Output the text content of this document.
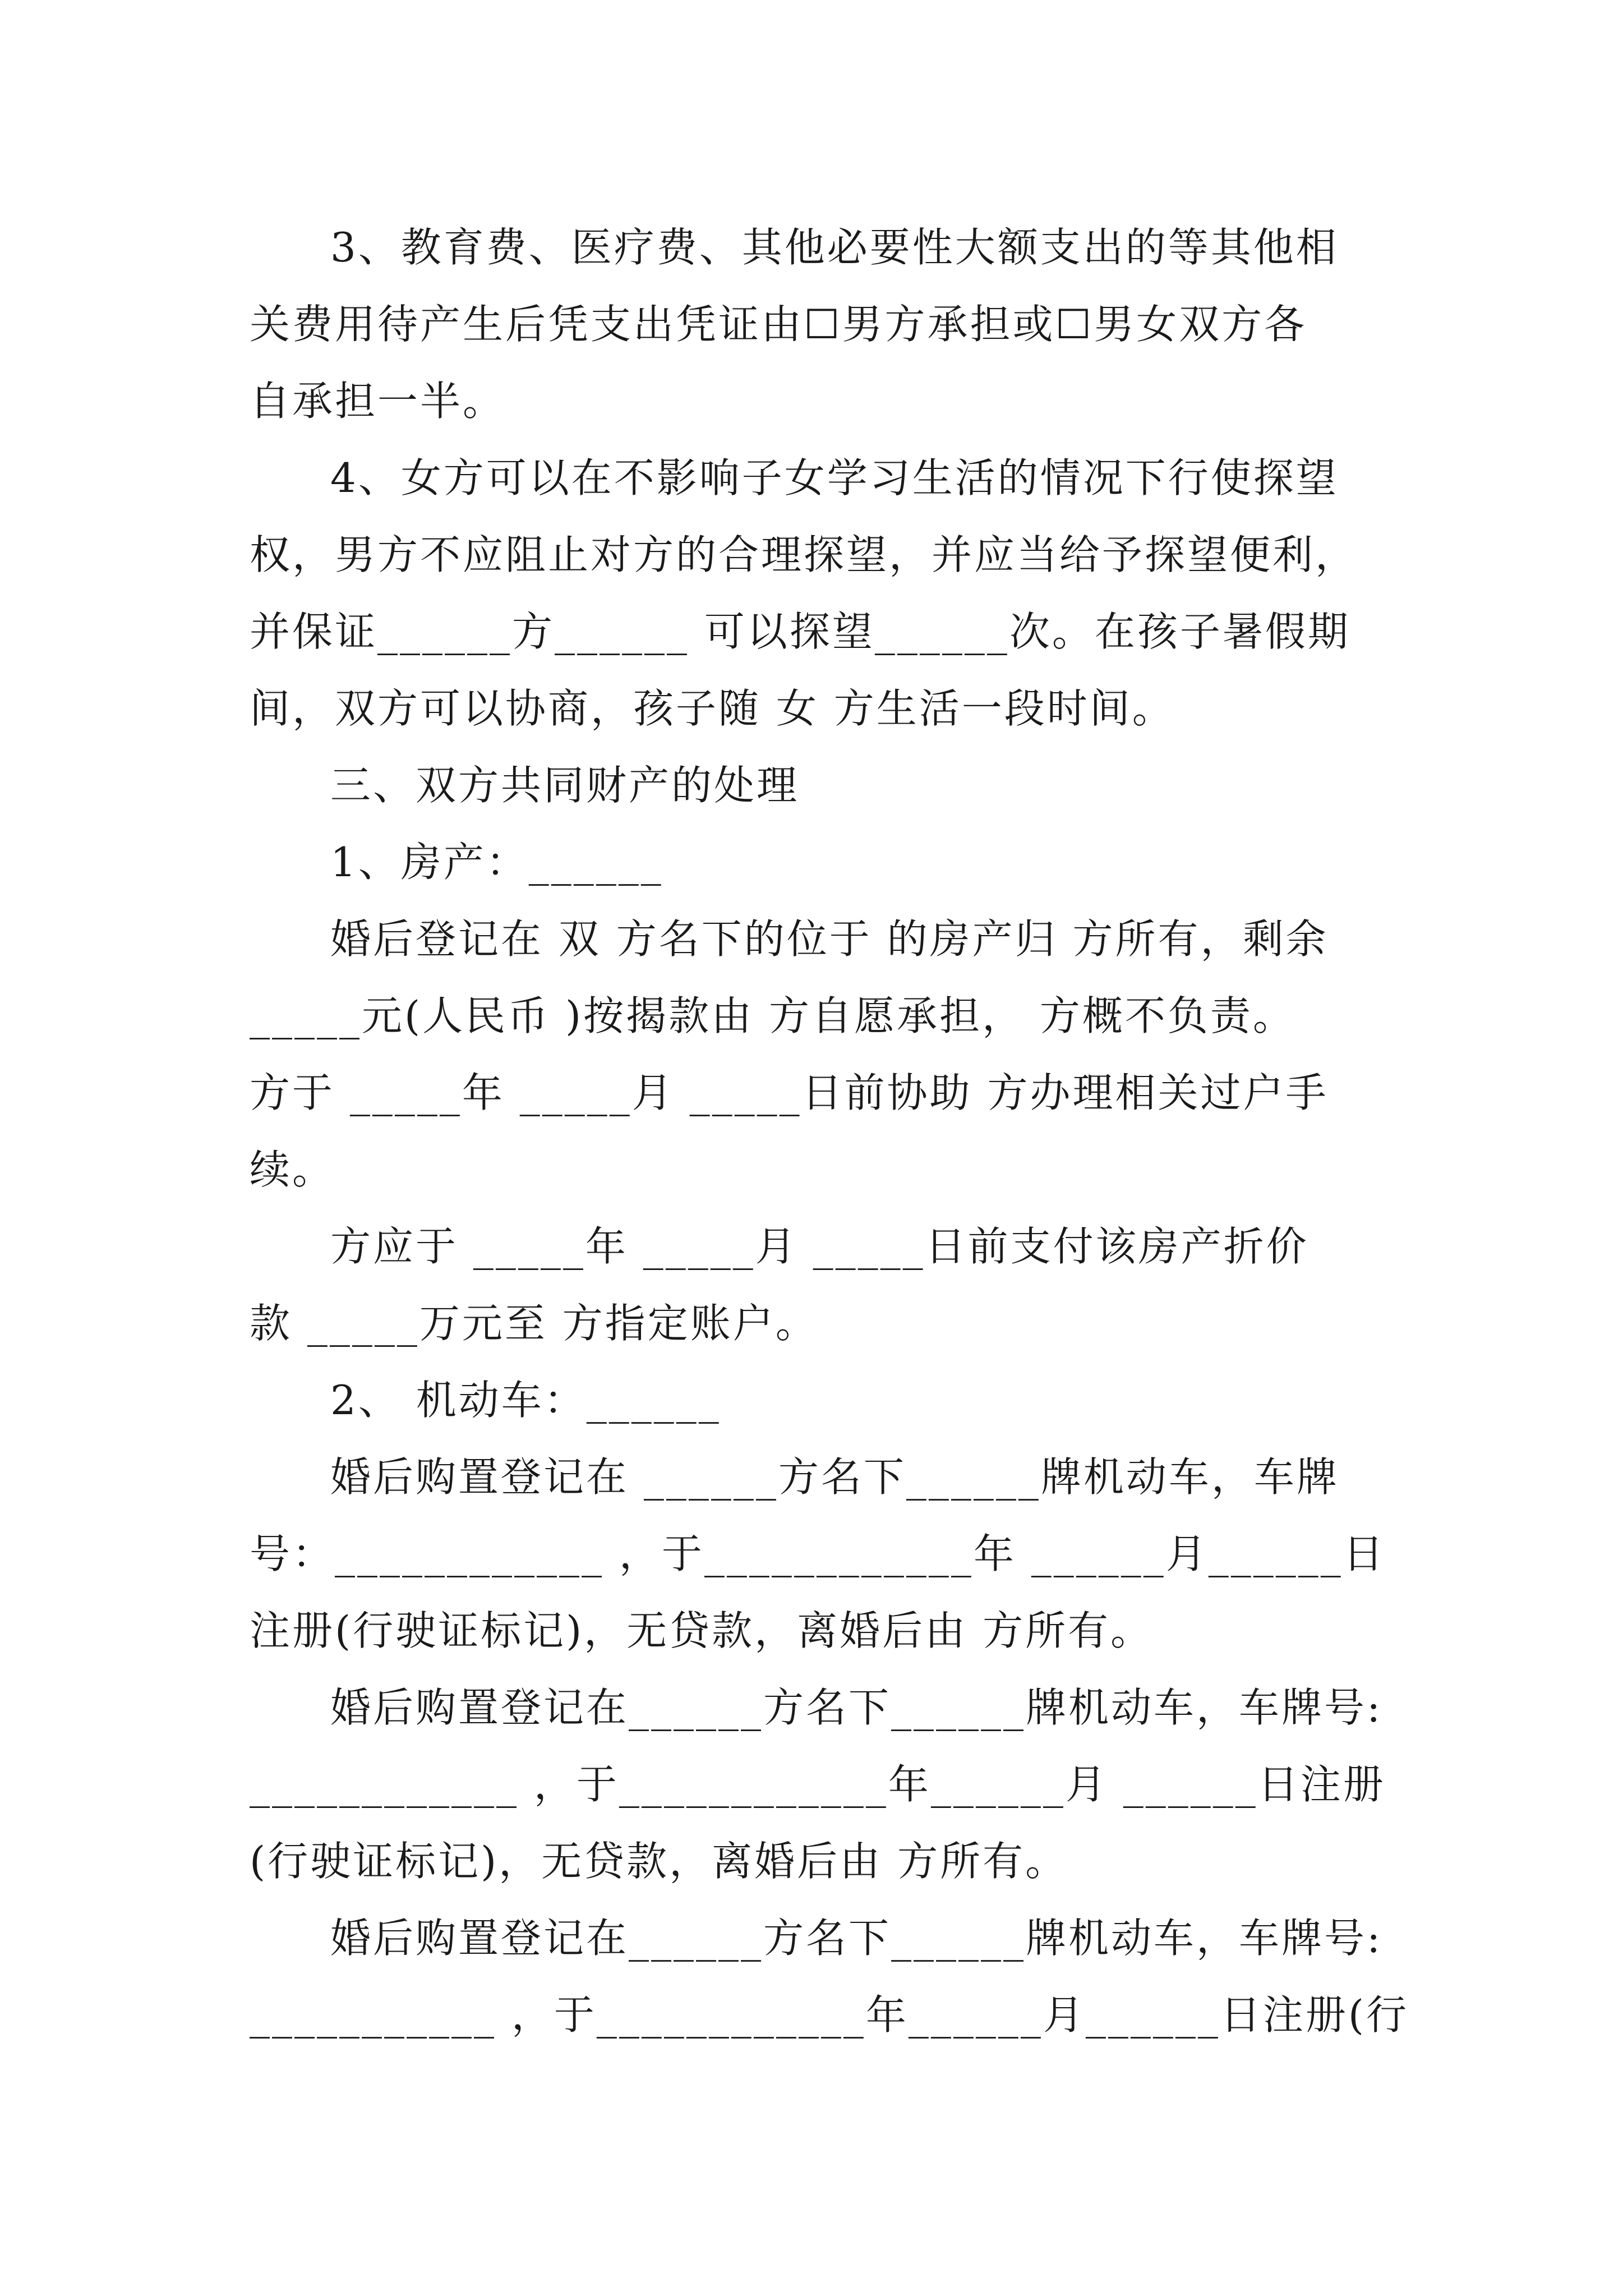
3、教育费、医疗费、其他必要性大额支出的等其他相
关费用待产生后凭支出凭证由☐男方承担或☐男女双方各
自承担一半。
4、女方可以在不影响子女学习生活的情况下行使探望
权，男方不应阻止对方的合理探望，并应当给予探望便利，
并保证______方______ 可以探望______次。在孩子暑假期
间，双方可以协商，孩子随 女 方生活一段时间。
三、双方共同财产的处理
1、房产：______
婚后登记在 双 方名下的位于 的房产归 方所有，剩余
_____元(人民币 )按揭款由 方自愿承担， 方概不负责。
方于 _____年 _____月 _____日前协助 方办理相关过户手
续。
方应于 _____年 _____月 _____日前支付该房产折价
款 _____万元至 方指定账户。
2、 机动车：______
婚后购置登记在 ______方名下______牌机动车，车牌
号：____________ ，于____________年 ______月______日
注册(行驶证标记)，无贷款，离婚后由 方所有。
婚后购置登记在______方名下______牌机动车，车牌号:
____________ ，于____________年______月 ______日注册
(行驶证标记)，无贷款，离婚后由 方所有。
婚后购置登记在______方名下______牌机动车，车牌号:
___________ ，于____________年______月______日注册(行
